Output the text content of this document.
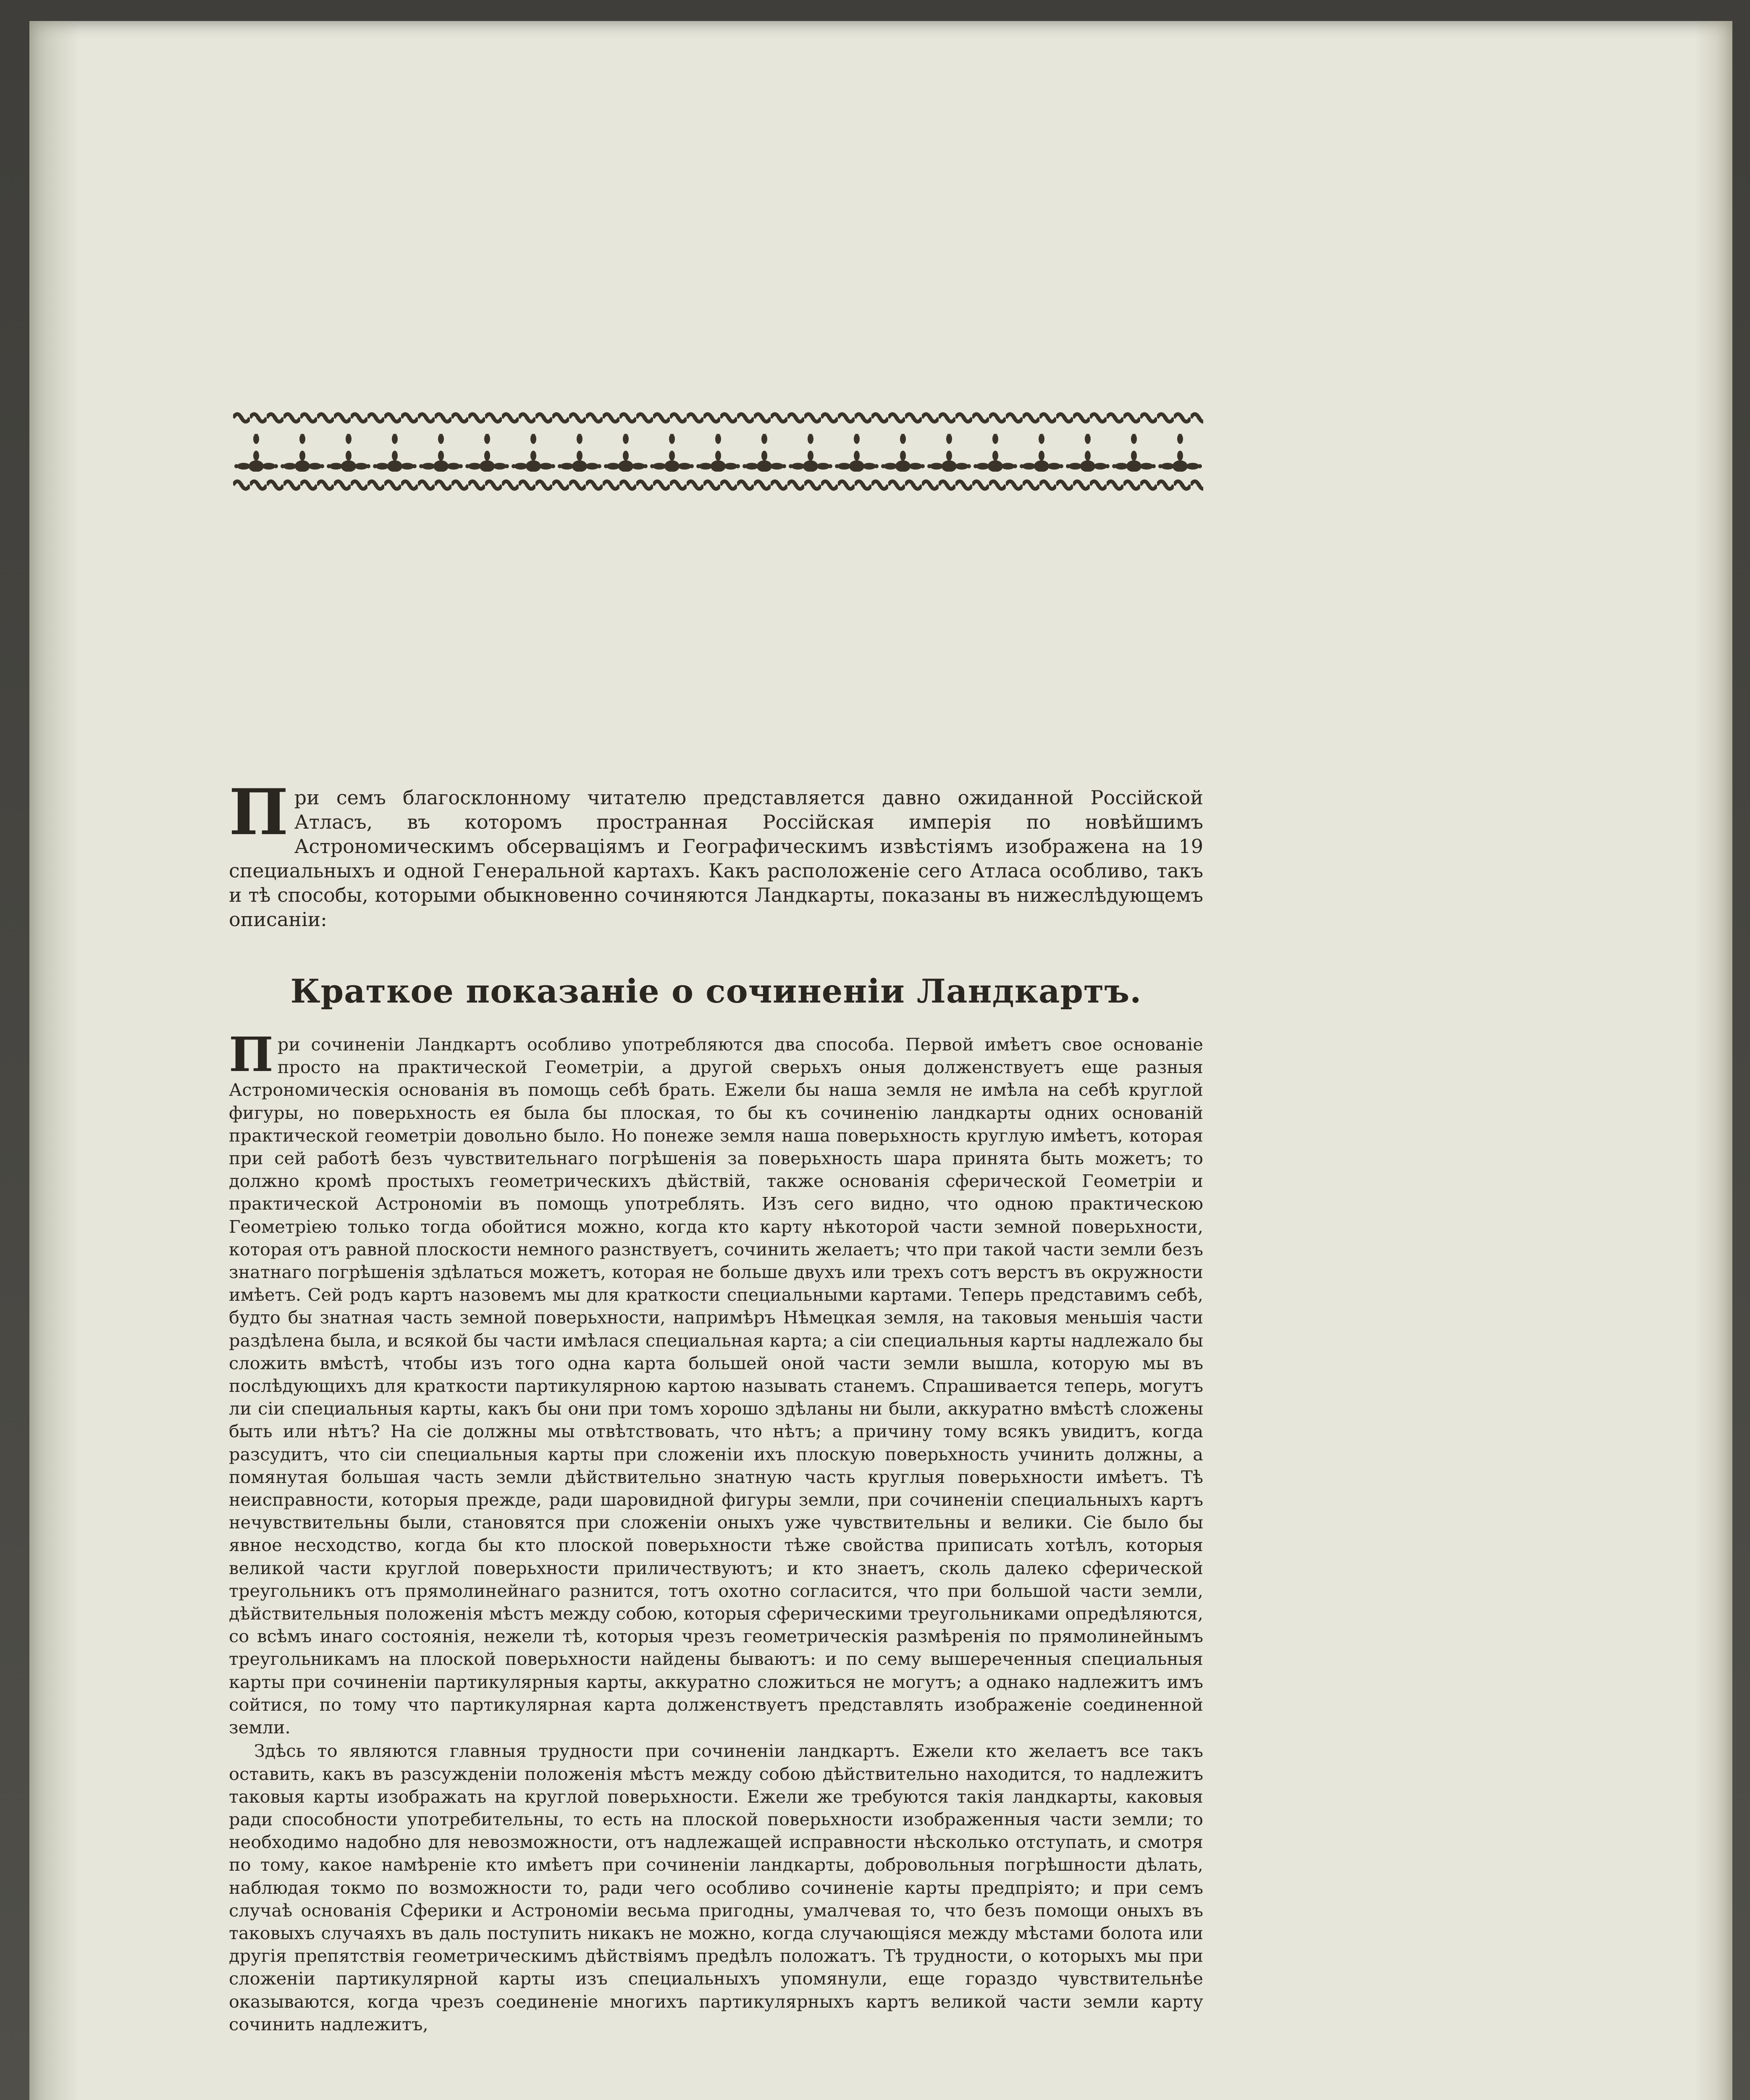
При семъ благосклонному читателю представляется давно ожиданной Россійской Атласъ, въ которомъ пространная Россійская имперія по новѣйшимъ Астрономическимъ обсерваціямъ и Географическимъ извѣстіямъ изображена на 19 специальныхъ и одной Генеральной картахъ. Какъ расположеніе сего Атласа особливо, такъ и тѣ способы, которыми обыкновенно сочиняются Ландкарты, показаны въ нижеслѣдующемъ описаніи:
Краткое показаніе о сочиненіи Ландкартъ.

При сочиненіи Ландкартъ особливо употребляются два способа. Первой имѣетъ свое основаніе просто на практической Геометріи, а другой сверьхъ оныя долженствуетъ еще разныя Астрономическія основанія въ помощь себѣ брать. Ежели бы наша земля не имѣла на себѣ круглой фигуры, но поверьхность ея была бы плоская, то бы къ сочиненію ландкарты одних основаній практической геометріи довольно было. Но понеже земля наша поверьхность круглую имѣетъ, которая при сей работѣ безъ чувствительнаго погрѣшенія за поверьхность шара принята быть можетъ; то должно кромѣ простыхъ геометрическихъ дѣйствій, также основанія сферической Геометріи и практической Астрономіи въ помощь употреблять. Изъ сего видно, что одною практическою Геометріею только тогда обойтися можно, когда кто карту нѣкоторой части земной поверьхности, которая отъ равной плоскости немного разнствуетъ, сочинить желаетъ; что при такой части земли безъ знатнаго погрѣшенія здѣлаться можетъ, которая не больше двухъ или трехъ сотъ верстъ въ окружности имѣетъ. Сей родъ картъ назовемъ мы для краткости специальными картами. Теперь представимъ себѣ, будто бы знатная часть земной поверьхности, напримѣръ Нѣмецкая земля, на таковыя меньшія части раздѣлена была, и всякой бы части имѣлася специальная карта; а сіи специальныя карты надлежало бы сложить вмѣстѣ, чтобы изъ того одна карта большей оной части земли вышла, которую мы въ послѣдующихъ для краткости партикулярною картою называть станемъ. Спрашивается теперь, могутъ ли сіи специальныя карты, какъ бы они при томъ хорошо здѣланы ни были, аккуратно вмѣстѣ сложены быть или нѣтъ? На сіе должны мы отвѣтствовать, что нѣтъ; а причину тому всякъ увидитъ, когда разсудитъ, что сіи специальныя карты при сложеніи ихъ плоскую поверьхность учинить должны, а помянутая большая часть земли дѣйствительно знатную часть круглыя поверьхности имѣетъ. Тѣ неисправности, которыя прежде, ради шаровидной фигуры земли, при сочиненіи специальныхъ картъ нечувствительны были, становятся при сложеніи оныхъ уже чувствительны и велики. Сіе было бы явное несходство, когда бы кто плоской поверьхности тѣже свойства приписать хотѣлъ, которыя великой части круглой поверьхности приличествуютъ; и кто знаетъ, сколь далеко сферической треугольникъ отъ прямолинейнаго разнится, тотъ охотно согласится, что при большой части земли, дѣйствительныя положенія мѣстъ между собою, которыя сферическими треугольниками опредѣляются, со всѣмъ инаго состоянія, нежели тѣ, которыя чрезъ геометрическія размѣренія по прямолинейнымъ треугольникамъ на плоской поверьхности найдены бываютъ: и по сему вышереченныя специальныя карты при сочиненіи партикулярныя карты, аккуратно сложиться не могутъ; а однако надлежитъ имъ сойтися, по тому что партикулярная карта долженствуетъ представлять изображеніе соединенной земли.

Здѣсь то являются главныя трудности при сочиненіи ландкартъ. Ежели кто желаетъ все такъ оставить, какъ въ разсужденіи положенія мѣстъ между собою дѣйствительно находится, то надлежитъ таковыя карты изображать на круглой поверьхности. Ежели же требуются такія ландкарты, каковыя ради способности употребительны, то есть на плоской поверьхности изображенныя части земли; то необходимо надобно для невозможности, отъ надлежащей исправности нѣсколько отступать, и смотря по тому, какое намѣреніе кто имѣетъ при сочиненіи ландкарты, добровольныя погрѣшности дѣлать, наблюдая токмо по возможности то, ради чего особливо сочиненіе карты предпріято; и при семъ случаѣ основанія Сферики и Астрономіи весьма пригодны, умалчевая то, что безъ помощи оныхъ въ таковыхъ случаяхъ въ даль поступить никакъ не можно, когда случающіяся между мѣстами болота или другія препятствія геометрическимъ дѣйствіямъ предѣлъ положатъ. Тѣ трудности, о которыхъ мы при сложеніи партикулярной карты изъ специальныхъ упомянули, еще гораздо чувствительнѣе оказываются, когда чрезъ соединеніе многихъ партикулярныхъ картъ великой части земли карту сочинить надлежитъ,
